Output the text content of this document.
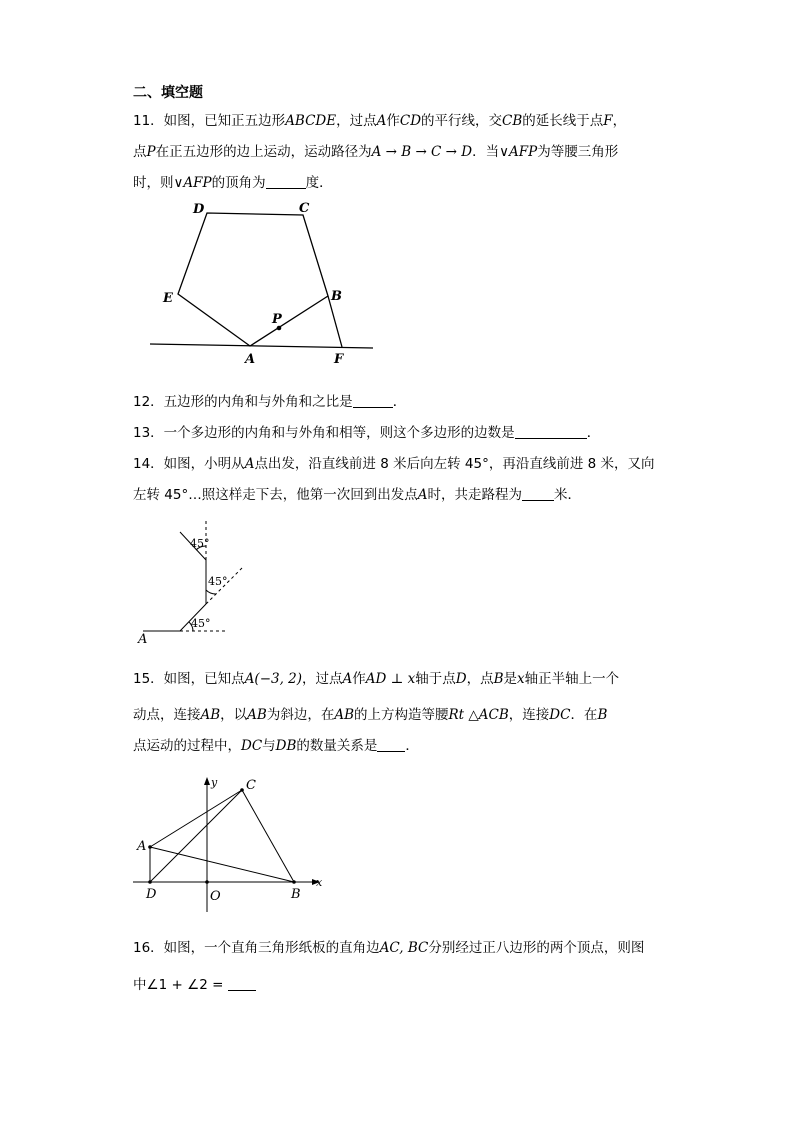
二、填空题
11．如图，已知正五边形ABCDE，过点A作CD的平行线，交CB的延长线于点F，
点P在正五边形的边上运动，运动路径为A → B → C → D．当∨AFP为等腰三角形
时，则∨AFP的顶角为	度．
D	C
E	B
P
A	F
12．五边形的内角和与外角和之比是	．
13．一个多边形的内角和与外角和相等，则这个多边形的边数是	．
14．如图，小明从A点出发，沿直线前进 8 米后向左转 45°，再沿直线前进 8 米，又向
左转 45°…照这样走下去，他第一次回到出发点A时，共走路程为 米．
45°
45°
45°
A
15．如图，已知点A(−3, 2)，过点A作AD ⊥ x轴于点D，点B是x轴正半轴上一个
动点，连接AB，以AB为斜边，在AB的上方构造等腰Rt △ACB，连接DC．在B
点运动的过程中，DC与DB的数量关系是 ．
y C
A
x
D	O	B
16．如图，一个直角三角形纸板的直角边AC, BC分别经过正八边形的两个顶点，则图
中∠1 + ∠2 =
